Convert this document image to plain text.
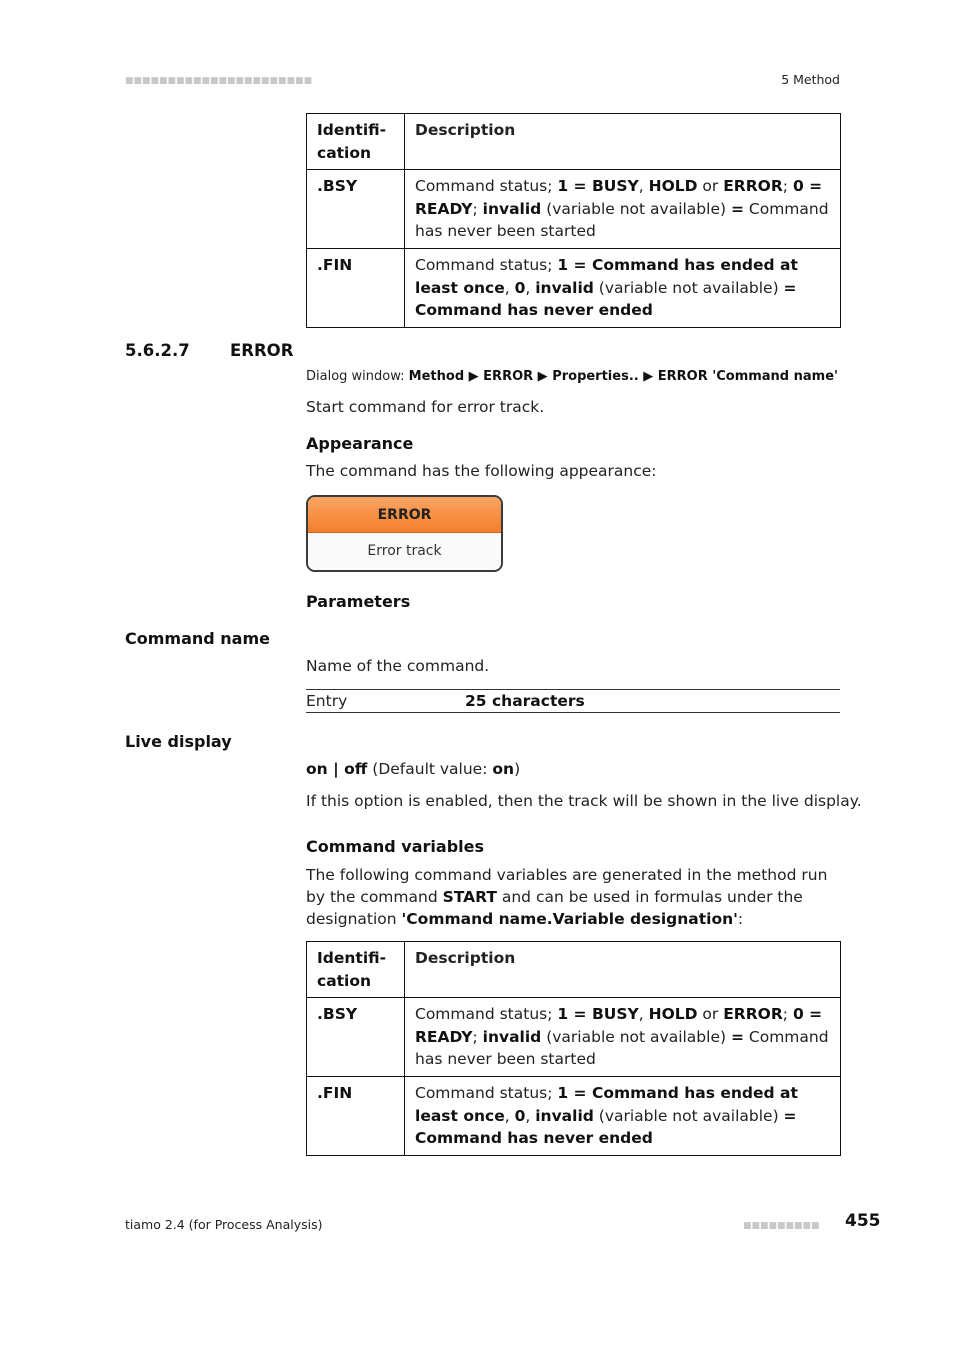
■■■■■■■■■■■■■■■■■■■■■■	5 Method
Identifi-
cation	Description
.BSY	Command status; 1 = BUSY, HOLD or ERROR; 0 = READY; invalid (variable not available) = Command has never been started
.FIN	Command status; 1 = Command has ended at least once, 0, invalid (variable not available) = Command has never ended
5.6.2.7 ERROR
Dialog window: Method ▶ ERROR ▶ Properties.. ▶ ERROR 'Command name'
Start command for error track.
Appearance
The command has the following appearance:
ERROR
Error track
Parameters
Command name
Name of the command.
Entry	25 characters
Live display
on | off (Default value: on)
If this option is enabled, then the track will be shown in the live display.
Command variables
The following command variables are generated in the method run by the command START and can be used in formulas under the designation 'Command name.Variable designation':
Identifi-
cation	Description
.BSY	Command status; 1 = BUSY, HOLD or ERROR; 0 = READY; invalid (variable not available) = Command has never been started
.FIN	Command status; 1 = Command has ended at least once, 0, invalid (variable not available) = Command has never ended
tiamo 2.4 (for Process Analysis)	■■■■■■■■■ 455
